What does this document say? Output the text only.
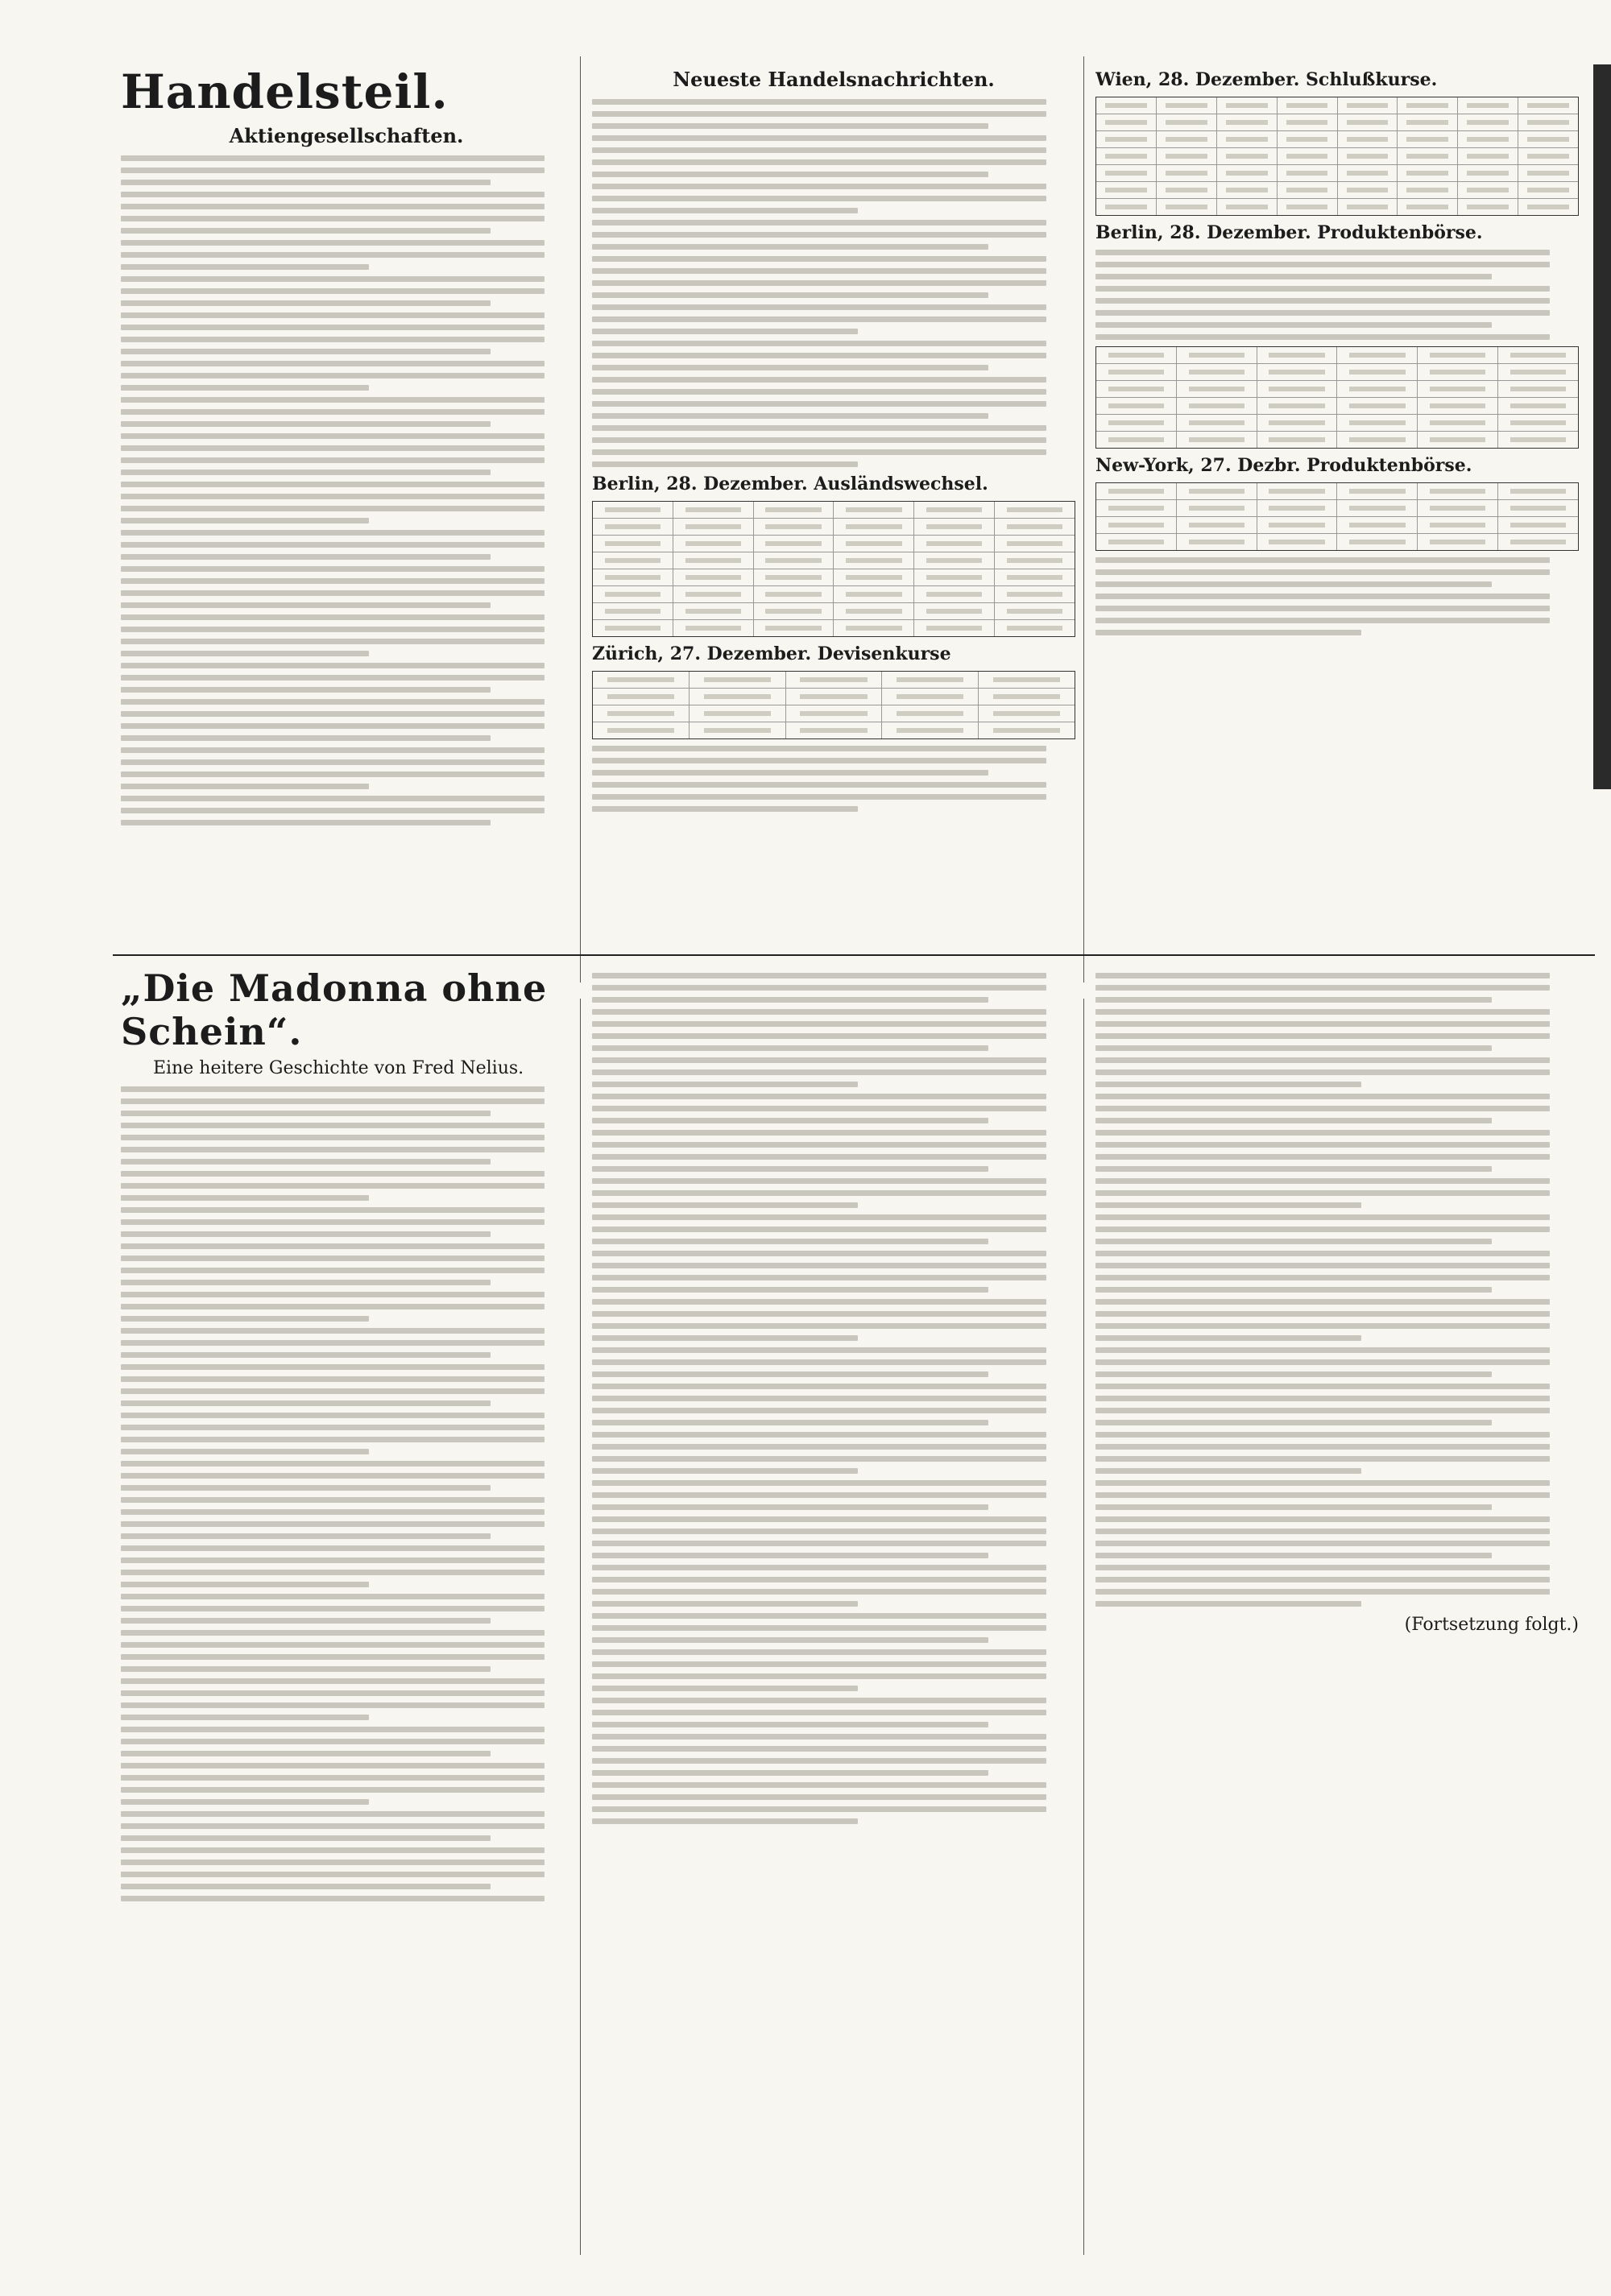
Handelsteil.
Aktiengesellschaften.
Neueste Handelsnachrichten.
Berlin, 28. Dezember. Ausländswechsel.
Zürich, 27. Dezember. Devisenkurse
Wien, 28. Dezember. Schlußkurse.
Berlin, 28. Dezember. Produktenbörse.
New-York, 27. Dezbr. Produktenbörse.
„Die Madonna ohne Schein“.
Eine heitere Geschichte von Fred Nelius.
(Fortsetzung folgt.)
